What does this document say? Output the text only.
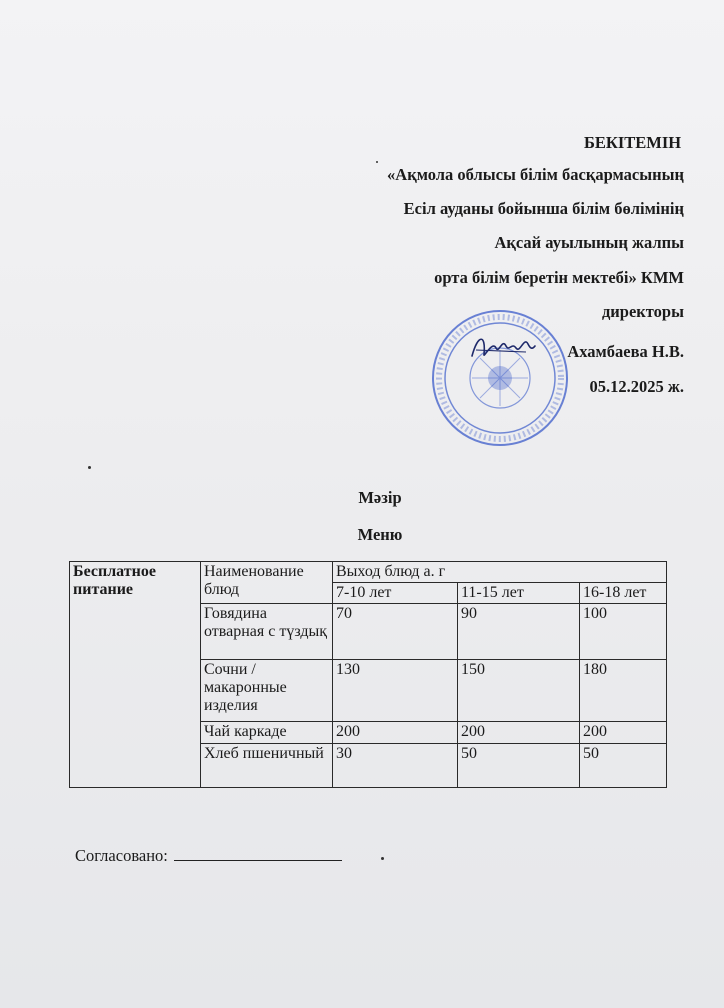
БЕКІТЕМІН
«Ақмола облысы білім басқармасының
Есіл ауданы бойынша білім бөлімінің
Ақсай ауылының жалпы
орта білім беретін мектебі» КММ
директоры
Ахамбаева Н.В.
05.12.2025 ж.
Мәзір
Меню
Бесплатное питание	Наименование блюд	Выход блюд а. г		
		7-10 лет	11-15 лет	16-18 лет
	Говядина отварная с түздық	70	90	100
	Сочни /макаронные изделия	130	150	180
	Чай каркаде	200	200	200
	Хлеб пшеничный	30	50	50
Согласовано:
